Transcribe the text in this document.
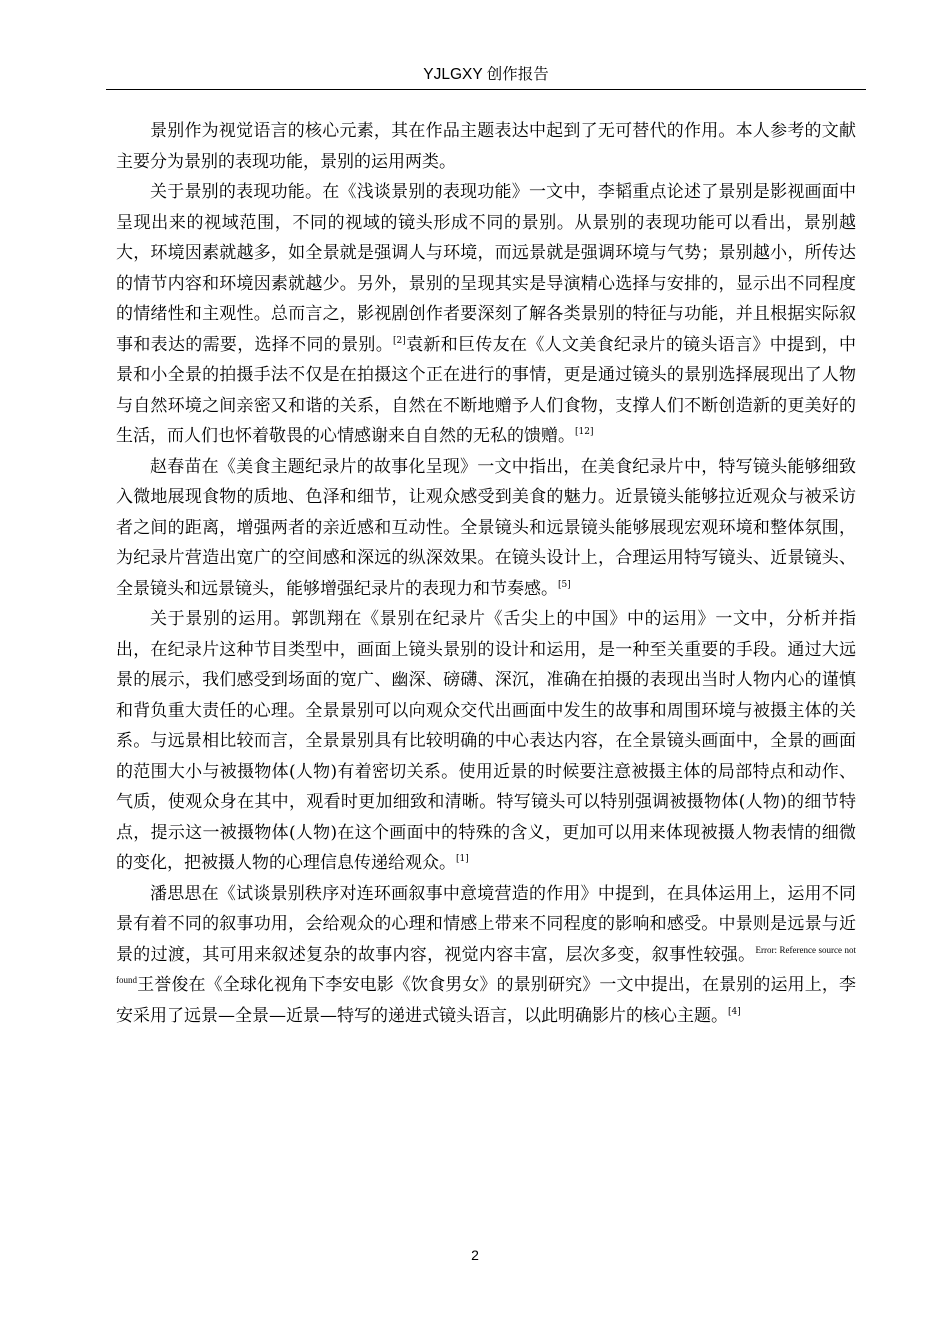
YJLGXY 创作报告

景别作为视觉语言的核心元素，其在作品主题表达中起到了无可替代的作用。本人参考的文献主要分为景别的表现功能，景别的运用两类。

关于景别的表现功能。在《浅谈景别的表现功能》一文中，李韬重点论述了景别是影视画面中呈现出来的视域范围，不同的视域的镜头形成不同的景别。从景别的表现功能可以看出，景别越大，环境因素就越多，如全景就是强调人与环境，而远景就是强调环境与气势；景别越小，所传达的情节内容和环境因素就越少。另外，景别的呈现其实是导演精心选择与安排的，显示出不同程度的情绪性和主观性。总而言之，影视剧创作者要深刻了解各类景别的特征与功能，并且根据实际叙事和表达的需要，选择不同的景别。[2]袁新和巨传友在《人文美食纪录片的镜头语言》中提到，中景和小全景的拍摄手法不仅是在拍摄这个正在进行的事情，更是通过镜头的景别选择展现出了人物与自然环境之间亲密又和谐的关系，自然在不断地赠予人们食物，支撑人们不断创造新的更美好的生活，而人们也怀着敬畏的心情感谢来自自然的无私的馈赠。[12]

赵春苗在《美食主题纪录片的故事化呈现》一文中指出，在美食纪录片中，特写镜头能够细致入微地展现食物的质地、色泽和细节，让观众感受到美食的魅力。近景镜头能够拉近观众与被采访者之间的距离，增强两者的亲近感和互动性。全景镜头和远景镜头能够展现宏观环境和整体氛围，为纪录片营造出宽广的空间感和深远的纵深效果。在镜头设计上，合理运用特写镜头、近景镜头、全景镜头和远景镜头，能够增强纪录片的表现力和节奏感。[5]

关于景别的运用。郭凯翔在《景别在纪录片《舌尖上的中国》中的运用》一文中，分析并指出，在纪录片这种节目类型中，画面上镜头景别的设计和运用，是一种至关重要的手段。通过大远景的展示，我们感受到场面的宽广、幽深、磅礴、深沉，准确在拍摄的表现出当时人物内心的谨慎和背负重大责任的心理。全景景别可以向观众交代出画面中发生的故事和周围环境与被摄主体的关系。与远景相比较而言，全景景别具有比较明确的中心表达内容，在全景镜头画面中，全景的画面的范围大小与被摄物体(人物)有着密切关系。使用近景的时候要注意被摄主体的局部特点和动作、气质，使观众身在其中，观看时更加细致和清晰。特写镜头可以特别强调被摄物体(人物)的细节特点，提示这一被摄物体(人物)在这个画面中的特殊的含义，更加可以用来体现被摄人物表情的细微的变化，把被摄人物的心理信息传递给观众。[1]

潘思思在《试谈景别秩序对连环画叙事中意境营造的作用》中提到，在具体运用上，运用不同景有着不同的叙事功用，会给观众的心理和情感上带来不同程度的影响和感受。中景则是远景与近景的过渡，其可用来叙述复杂的故事内容，视觉内容丰富，层次多变，叙事性较强。$^{Error: Reference source not found}$王誉俊在《全球化视角下李安电影《饮食男女》的景别研究》一文中提出，在景别的运用上，李安采用了远景—全景—近景—特写的递进式镜头语言，以此明确影片的核心主题。[4]

2
